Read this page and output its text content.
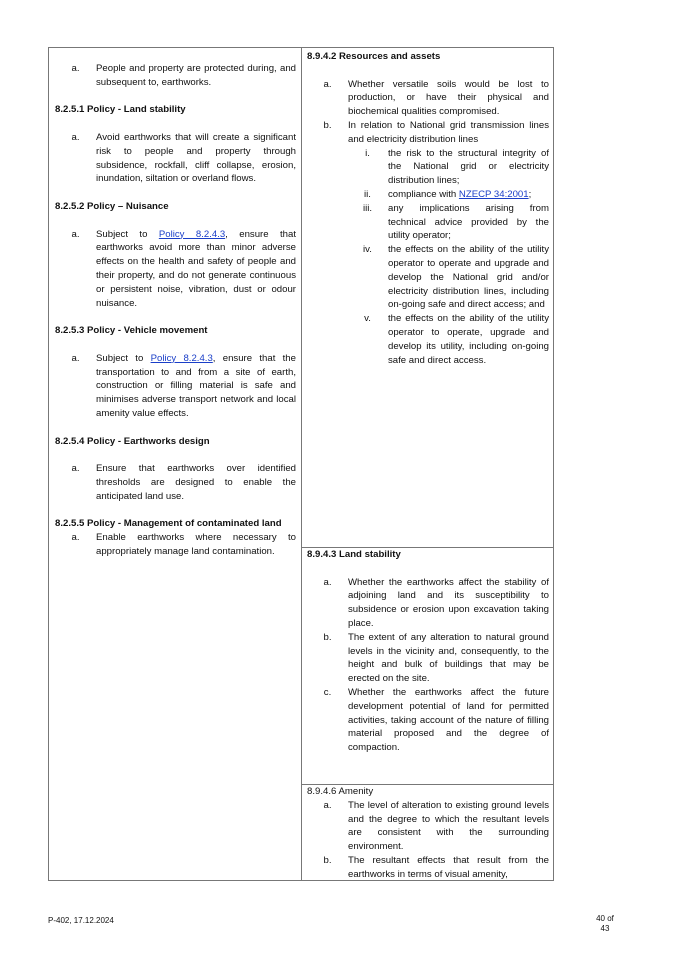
a.	People and property are protected during, and subsequent to, earthworks.

8.2.5.1 Policy - Land stability

a.	Avoid earthworks that will create a significant risk to people and property through subsidence, rockfall, cliff collapse, erosion, inundation, siltation or overland flows.

8.2.5.2 Policy – Nuisance

a.	Subject to Policy 8.2.4.3, ensure that earthworks avoid more than minor adverse effects on the health and safety of people and their property, and do not generate continuous or persistent noise, vibration, dust or odour nuisance.

8.2.5.3 Policy - Vehicle movement

a.	Subject to Policy 8.2.4.3, ensure that the transportation to and from a site of earth, construction or filling material is safe and minimises adverse transport network and local amenity value effects.

8.2.5.4 Policy - Earthworks design

a.	Ensure that earthworks over identified thresholds are designed to enable the anticipated land use.

8.2.5.5 Policy - Management of contaminated land

a.	Enable earthworks where necessary to appropriately manage land contamination.

8.9.4.2 Resources and assets

a.	Whether versatile soils would be lost to production, or have their physical and biochemical qualities compromised.

b.	In relation to National grid transmission lines and electricity distribution lines

i.	the risk to the structural integrity of the National grid or electricity distribution lines;

ii.	compliance with NZECP 34:2001;

iii.	any implications arising from technical advice provided by the utility operator;

iv.	the effects on the ability of the utility operator to operate and upgrade and develop the National grid and/or electricity distribution lines, including on-going safe and direct access; and

v.	the effects on the ability of the utility operator to operate, upgrade and develop its utility, including on-going safe and direct access.

8.9.4.3 Land stability

a.	Whether the earthworks affect the stability of adjoining land and its susceptibility to subsidence or erosion upon excavation taking place.

b.	The extent of any alteration to natural ground levels in the vicinity and, consequently, to the height and bulk of buildings that may be erected on the site.

c.	Whether the earthworks affect the future development potential of land for permitted activities, taking account of the nature of filling material proposed and the degree of compaction.

8.9.4.6 Amenity

a.	The level of alteration to existing ground levels and the degree to which the resultant levels are consistent with the surrounding environment.

b.	The resultant effects that result from the earthworks in terms of visual amenity,

P-402, 17.12.2024	40 of
43
